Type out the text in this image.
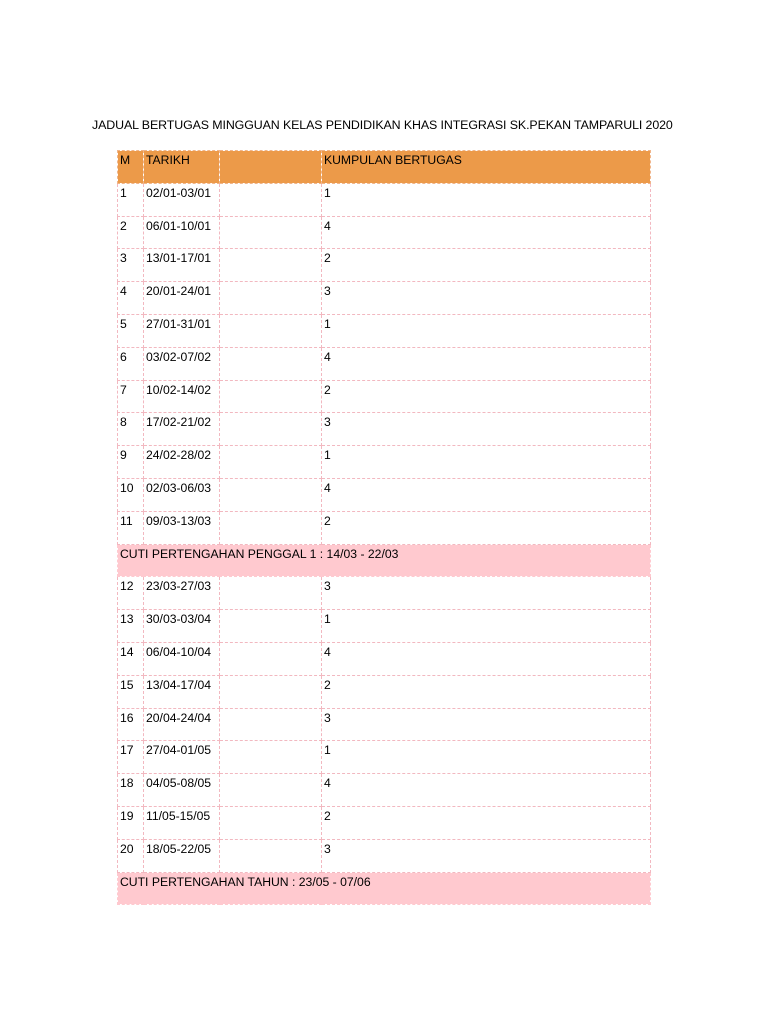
JADUAL BERTUGAS MINGGUAN KELAS PENDIDIKAN KHAS INTEGRASI SK.PEKAN TAMPARULI 2020
M	TARIKH		KUMPULAN BERTUGAS
1	02/01-03/01		1
2	06/01-10/01		4
3	13/01-17/01		2
4	20/01-24/01		3
5	27/01-31/01		1
6	03/02-07/02		4
7	10/02-14/02		2
8	17/02-21/02		3
9	24/02-28/02		1
10	02/03-06/03		4
11	09/03-13/03		2
CUTI PERTENGAHAN PENGGAL 1 : 14/03 - 22/03			
12	23/03-27/03		3
13	30/03-03/04		1
14	06/04-10/04		4
15	13/04-17/04		2
16	20/04-24/04		3
17	27/04-01/05		1
18	04/05-08/05		4
19	11/05-15/05		2
20	18/05-22/05		3
CUTI PERTENGAHAN TAHUN : 23/05 - 07/06			
